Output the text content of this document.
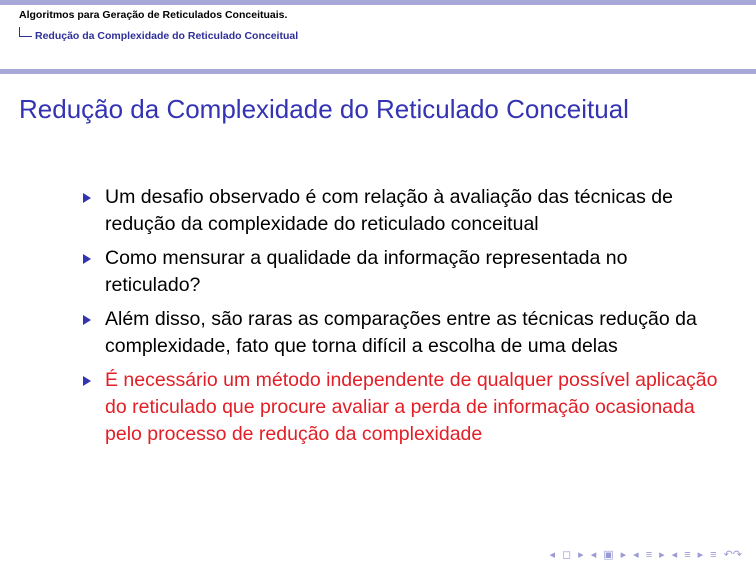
Algoritmos para Geração de Reticulados Conceituais.
Redução da Complexidade do Reticulado Conceitual
Redução da Complexidade do Reticulado Conceitual
Um desafio observado é com relação à avaliação das técnicas de redução da complexidade do reticulado conceitual
Como mensurar a qualidade da informação representada no reticulado?
Além disso, são raras as comparações entre as técnicas redução da complexidade, fato que torna difícil a escolha de uma delas
É necessário um método independente de qualquer possível aplicação do reticulado que procure avaliar a perda de informação ocasionada pelo processo de redução da complexidade
◂ ◻ ▸ ◂ ▣ ▸ ◂ ≡ ▸ ◂ ≡ ▸ ≡ ↶↷
